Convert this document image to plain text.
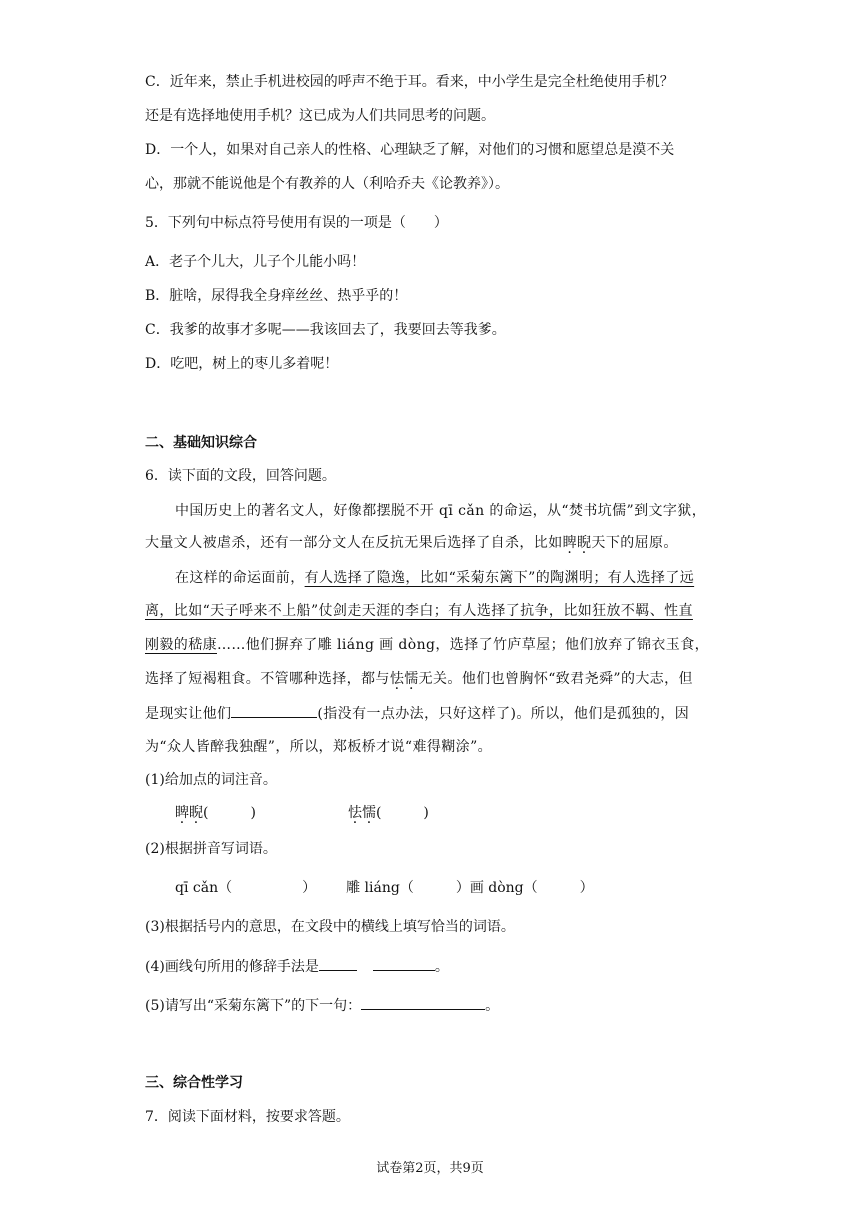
C．近年来，禁止手机进校园的呼声不绝于耳。看来，中小学生是完全杜绝使用手机？
还是有选择地使用手机？这已成为人们共同思考的问题。
D．一个人，如果对自己亲人的性格、心理缺乏了解，对他们的习惯和愿望总是漠不关
心，那就不能说他是个有教养的人（利哈乔夫《论教养》）。
5．下列句中标点符号使用有误的一项是（　　）
A．老子个儿大，儿子个儿能小吗！
B．脏啥，尿得我全身痒丝丝、热乎乎的！
C．我爹的故事才多呢——我该回去了，我要回去等我爹。
D．吃吧，树上的枣儿多着呢！
二、基础知识综合
6．读下面的文段，回答问题。
中国历史上的著名文人，好像都摆脱不开 qī cǎn 的命运，从“焚书坑儒”到文字狱，
大量文人被虐杀，还有一部分文人在反抗无果后选择了自杀，比如睥睨天下的屈原。
在这样的命运面前，有人选择了隐逸，比如“采菊东篱下”的陶渊明；有人选择了远
离，比如“天子呼来不上船”仗剑走天涯的李白；有人选择了抗争，比如狂放不羁、性直
刚毅的嵇康……他们摒弃了雕 liáng 画 dòng，选择了竹庐草屋；他们放弃了锦衣玉食，
选择了短褐粗食。不管哪种选择，都与怯懦无关。他们也曾胸怀“致君尧舜”的大志，但
是现实让他们	(指没有一点办法，只好这样了)。所以，他们是孤独的，因
为“众人皆醉我独醒”，所以，郑板桥才说“难得糊涂”。
(1)给加点的词注音。
睥睨(　　　)	怯懦(　　　)
(2)根据拼音写词语。
qī cǎn（　　　　　） 雕 liáng（　　　）画 dòng（　　　）
(3)根据括号内的意思，在文段中的横线上填写恰当的词语。
(4)画线句所用的修辞手法是	。
(5)请写出“采菊东篱下”的下一句：	。
三、综合性学习
7．阅读下面材料，按要求答题。
试卷第2页，共9页
